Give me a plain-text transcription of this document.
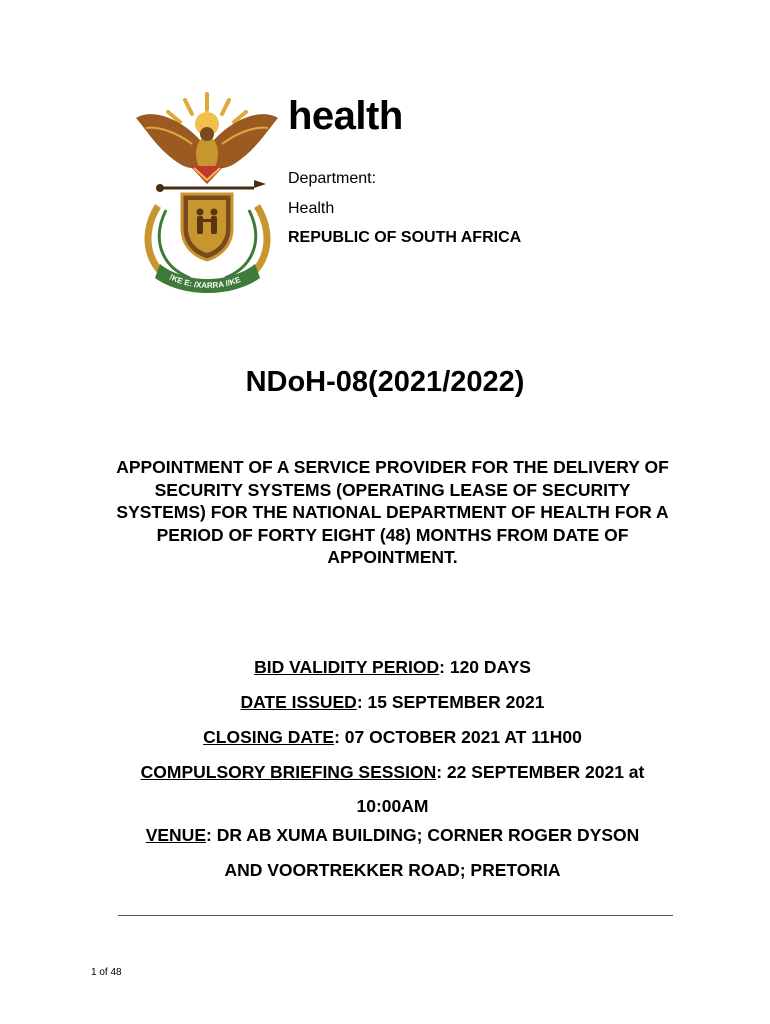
!KE E: /XARRA //KE
health
Department:
Health
REPUBLIC OF SOUTH AFRICA
NDoH-08(2021/2022)
APPOINTMENT OF A SERVICE PROVIDER FOR THE DELIVERY OF SECURITY SYSTEMS (OPERATING LEASE OF SECURITY SYSTEMS) FOR THE NATIONAL DEPARTMENT OF HEALTH FOR A PERIOD OF FORTY EIGHT (48) MONTHS FROM DATE OF APPOINTMENT.
BID VALIDITY PERIOD: 120 DAYS
DATE ISSUED: 15 SEPTEMBER 2021
CLOSING DATE: 07 OCTOBER 2021 AT 11H00
COMPULSORY BRIEFING SESSION: 22 SEPTEMBER 2021 at
10:00AM
VENUE: DR AB XUMA BUILDING; CORNER ROGER DYSON
AND VOORTREKKER ROAD; PRETORIA
1 of 48
